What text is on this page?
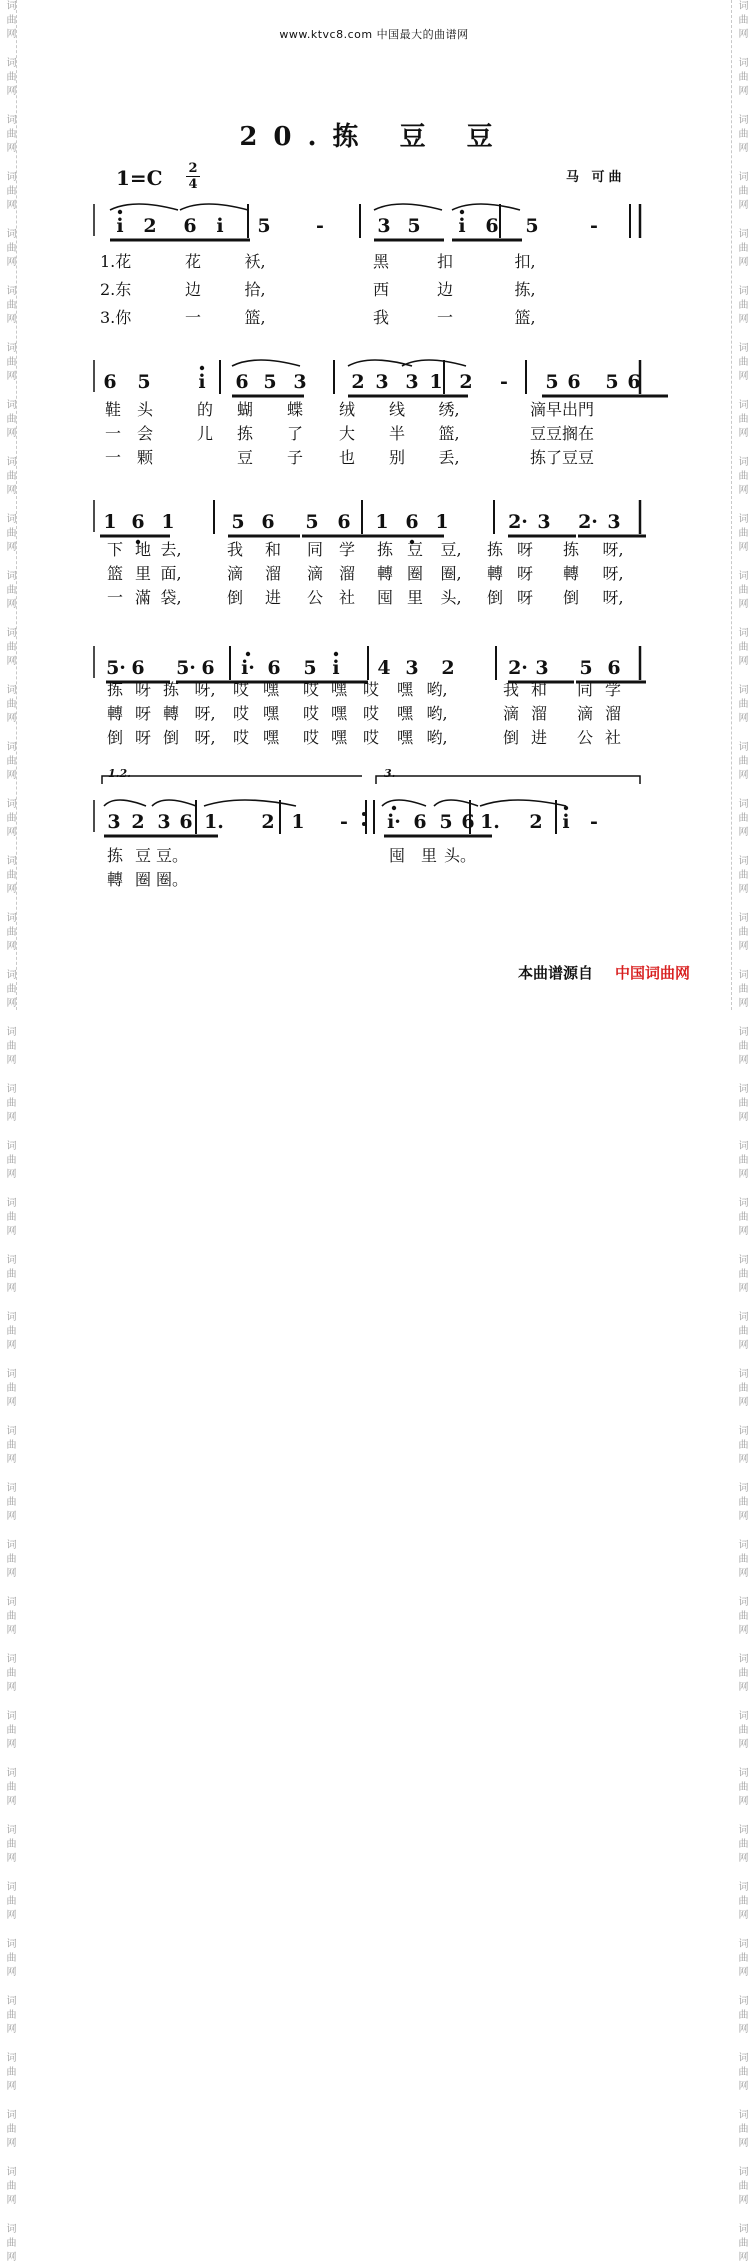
词曲网 词曲网 词曲网 词曲网 词曲网 词曲网 词曲网 词曲网 词曲网 词曲网 词曲网 词曲网 词曲网 词曲网 词曲网 词曲网 词曲网 词曲网 词曲网 词曲网 词曲网 词曲网 词曲网 词曲网 词曲网 词曲网 词曲网 词曲网 词曲网 词曲网 词曲网 词曲网 词曲网 词曲网 词曲网 词曲网 词曲网 词曲网 词曲网 词曲网	词曲网 词曲网 词曲网 词曲网 词曲网 词曲网 词曲网 词曲网 词曲网 词曲网 词曲网 词曲网 词曲网 词曲网 词曲网 词曲网 词曲网 词曲网 词曲网 词曲网 词曲网 词曲网 词曲网 词曲网 词曲网 词曲网 词曲网 词曲网 词曲网 词曲网 词曲网 词曲网 词曲网 词曲网 词曲网 词曲网 词曲网 词曲网 词曲网 词曲网
www.ktvc8.com 中国最大的曲谱网
20.拣 豆 豆
1=C 2
4	马 可曲
i	2 6	i	5	-	3 5	i	6 5	-
1.花	花	袄,	黑	扣	扣,
2.东	边	拾,	西	边	拣,
3.你	一	篮,	我	一	篮,
6 5	i	6 5 3 2 3 3 1 2	-	5 6 5 6
鞋 头	的	蝴	蝶	绒	线	绣,	滴早出門
一 会	儿	拣	了	大	半	篮,	豆豆搁在
一 颗	豆	子	也	别	丢,	拣了豆豆
1 6 1	5 6 5 6 1 6 1	2· 3 2· 3
下 地 去,	我	和	同 学	拣 豆	豆,	拣 呀	拣	呀,
篮 里 面,	滴	溜	滴 溜	轉 圈	圈,	轉 呀	轉	呀,
一 滿 袋,	倒	进	公 社	囤 里	头,	倒 呀	倒	呀,
5· 6 5· 6 i· 6 5 i	4 3 2	2· 3 5 6
拣 呀 拣 呀,	哎 嘿	哎 嘿 哎	嘿 哟,	我 和	同 学
轉 呀 轉 呀,	哎 嘿	哎 嘿 哎	嘿 哟,	滴 溜	滴 溜
倒 呀 倒 呀,	哎 嘿	哎 嘿 哎	嘿 哟,	倒 进	公 社
1.2.	3.
3 2 3 6 1. 2 1	-	i· 6 5 6 1. 2	i	-
拣 豆 豆。	囤 里 头。
轉 圈 圈。
本曲谱源自 中国词曲网
